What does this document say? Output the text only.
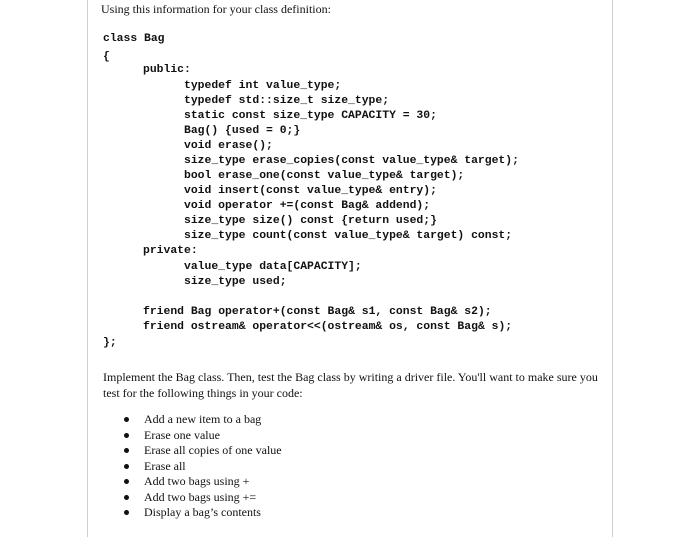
Using this information for your class definition:
class Bag
{
public:
typedef int value_type;
typedef std::size_t size_type;
static const size_type CAPACITY = 30;
Bag() {used = 0;}
void erase();
size_type erase_copies(const value_type& target);
bool erase_one(const value_type& target);
void insert(const value_type& entry);
void operator +=(const Bag& addend);
size_type size() const {return used;}
size_type count(const value_type& target) const;
private:
value_type data[CAPACITY];
size_type used;
friend Bag operator+(const Bag& s1, const Bag& s2);
friend ostream& operator<<(ostream& os, const Bag& s);
};
Implement the Bag class. Then, test the Bag class by writing a driver file. You'll want to make sure you test for the following things in your code:
Add a new item to a bag
Erase one value
Erase all copies of one value
Erase all
Add two bags using +
Add two bags using +=
Display a bag’s contents
